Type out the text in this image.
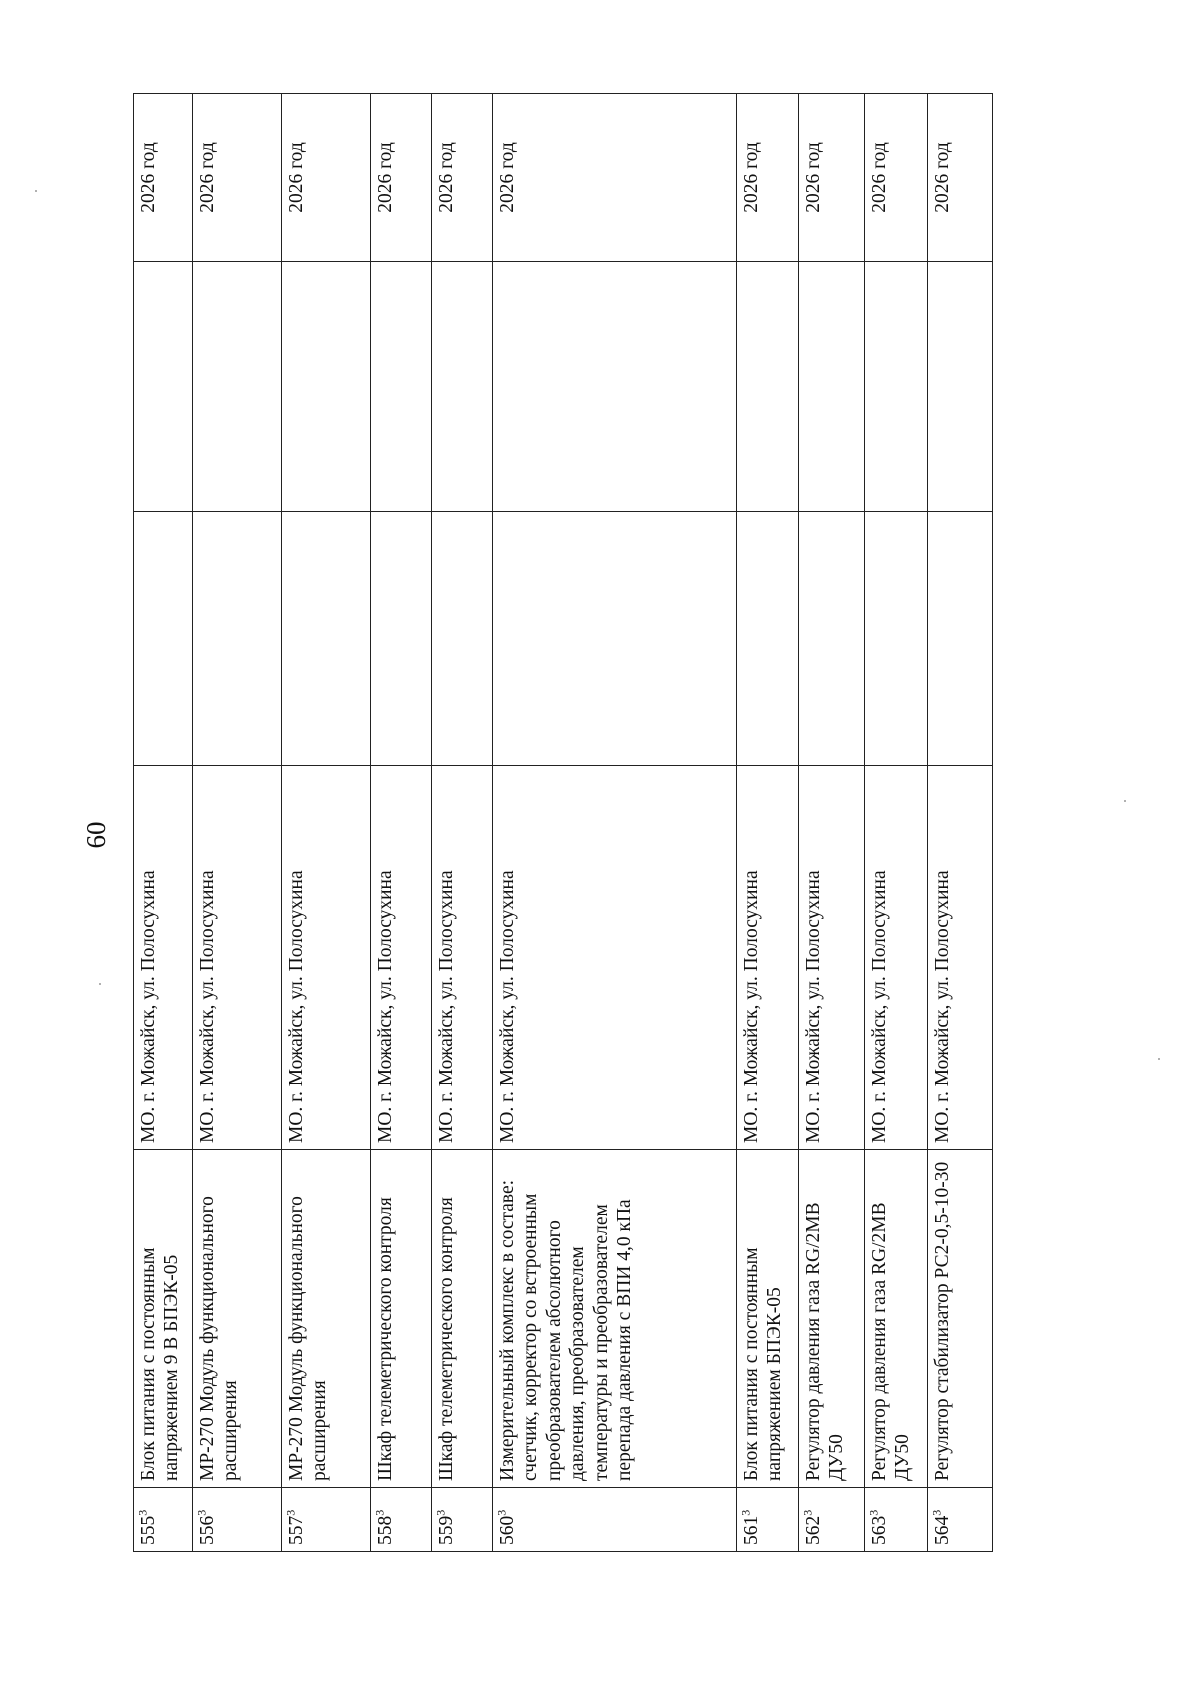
60
$555^3$	Блок питания с постоянным напряжением 9 В БПЭК-05	МО. г. Можайск, ул. Полосухина			2026 год
$556^3$	МР-270 Модуль функционального расширения	МО. г. Можайск, ул. Полосухина			2026 год
$557^3$	МР-270 Модуль функционального расширения	МО. г. Можайск, ул. Полосухина			2026 год
$558^3$	Шкаф телеметрического контроля	МО. г. Можайск, ул. Полосухина			2026 год
$559^3$	Шкаф телеметрического контроля	МО. г. Можайск, ул. Полосухина			2026 год
$560^3$	Измерительный комплекс в составе: счетчик, корректор со встроенным преобразователем абсолютного давления, преобразователем температуры и преобразователем перепада давления с ВПИ 4,0 кПа	МО. г. Можайск, ул. Полосухина			2026 год
$561^3$	Блок питания с постоянным напряжением БПЭК-05	МО. г. Можайск, ул. Полосухина			2026 год
$562^3$	Регулятор давления газа RG/2MB ДУ50	МО. г. Можайск, ул. Полосухина			2026 год
$563^3$	Регулятор давления газа RG/2MB ДУ50	МО. г. Можайск, ул. Полосухина			2026 год
$564^3$	Регулятор стабилизатор РС2-0,5-10-30	МО. г. Можайск, ул. Полосухина			2026 год
